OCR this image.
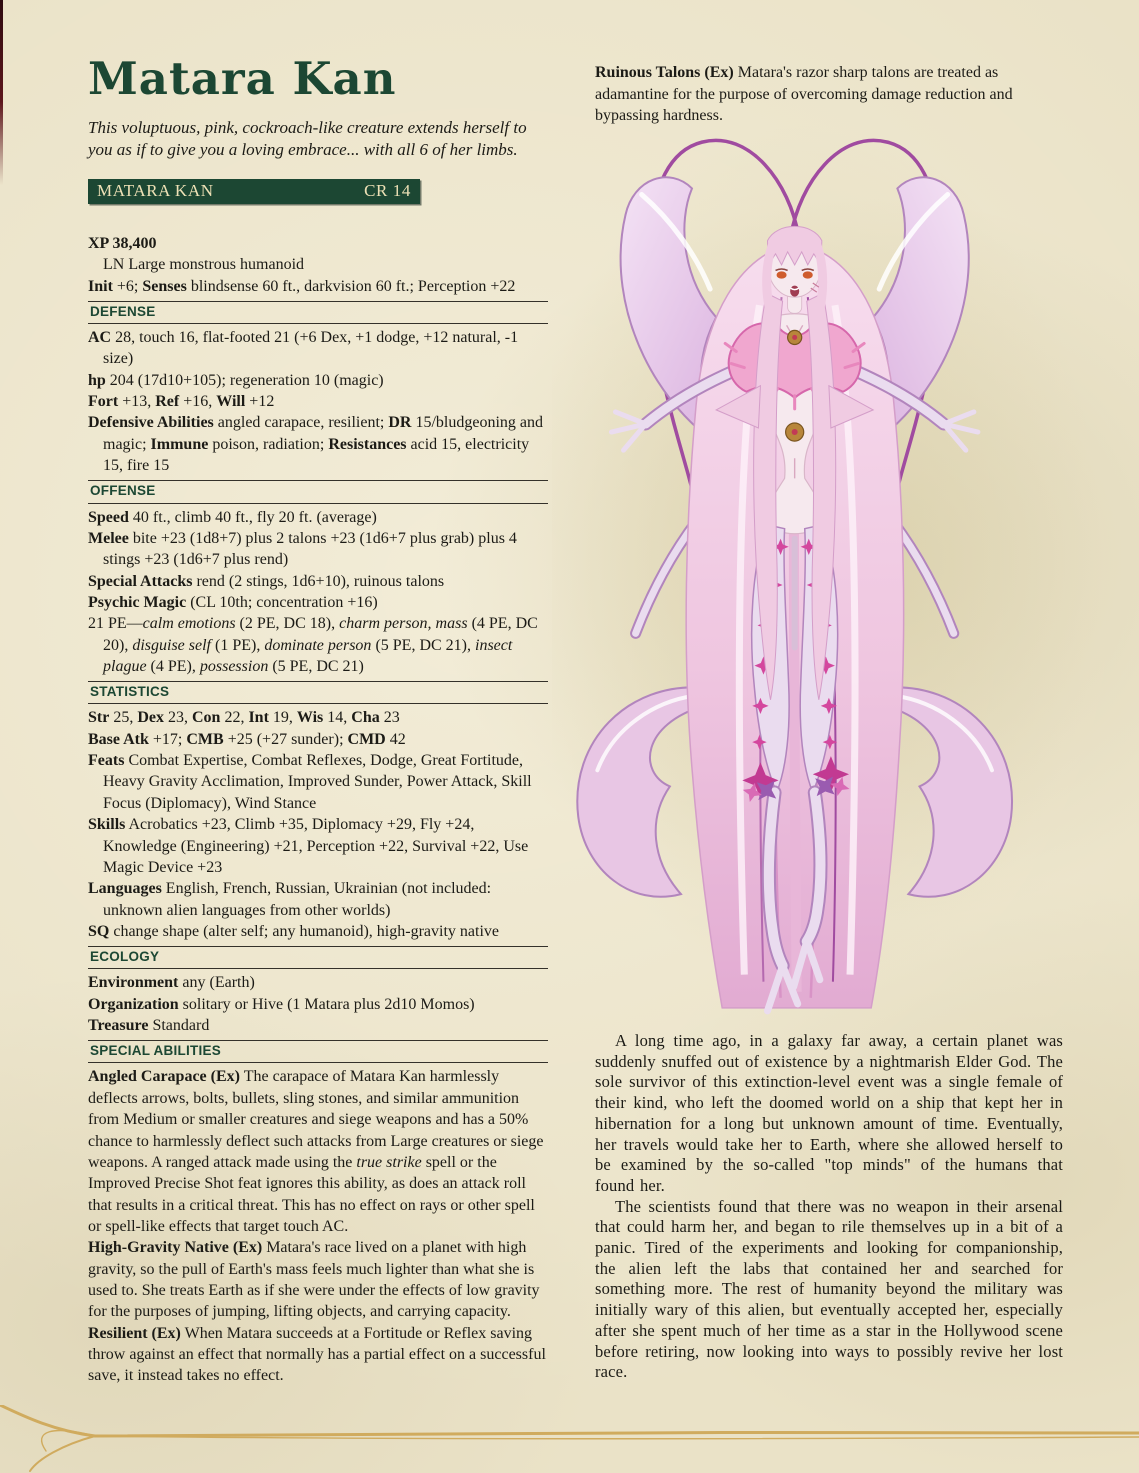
Matara Kan

This voluptuous, pink, cockroach-like creature extends herself to you as if to give you a loving embrace... with all 6 of her limbs.

MATARA KAN	CR 14

XP 38,400

LN Large monstrous humanoid

Init +6; Senses blindsense 60 ft., darkvision 60 ft.; Perception +22

DEFENSE

AC 28, touch 16, flat-footed 21 (+6 Dex, +1 dodge, +12 natural, -1 size)

hp 204 (17d10+105); regeneration 10 (magic)

Fort +13, Ref +16, Will +12

Defensive Abilities angled carapace, resilient; DR 15/bludgeoning and magic; Immune poison, radiation; Resistances acid 15, electricity 15, fire 15

OFFENSE

Speed 40 ft., climb 40 ft., fly 20 ft. (average)

Melee bite +23 (1d8+7) plus 2 talons +23 (1d6+7 plus grab) plus 4 stings +23 (1d6+7 plus rend)

Special Attacks rend (2 stings, 1d6+10), ruinous talons

Psychic Magic (CL 10th; concentration +16)

21 PE—calm emotions (2 PE, DC 18), charm person, mass (4 PE, DC 20), disguise self (1 PE), dominate person (5 PE, DC 21), insect plague (4 PE), possession (5 PE, DC 21)

STATISTICS

Str 25, Dex 23, Con 22, Int 19, Wis 14, Cha 23

Base Atk +17; CMB +25 (+27 sunder); CMD 42

Feats Combat Expertise, Combat Reflexes, Dodge, Great Fortitude, Heavy Gravity Acclimation, Improved Sunder, Power Attack, Skill Focus (Diplomacy), Wind Stance

Skills Acrobatics +23, Climb +35, Diplomacy +29, Fly +24, Knowledge (Engineering) +21, Perception +22, Survival +22, Use Magic Device +23

Languages English, French, Russian, Ukrainian (not included: unknown alien languages from other worlds)

SQ change shape (alter self; any humanoid), high-gravity native

ECOLOGY

Environment any (Earth)

Organization solitary or Hive (1 Matara plus 2d10 Momos)

Treasure Standard

SPECIAL ABILITIES

Angled Carapace (Ex) The carapace of Matara Kan harmlessly deflects arrows, bolts, bullets, sling stones, and similar ammunition from Medium or smaller creatures and siege weapons and has a 50% chance to harmlessly deflect such attacks from Large creatures or siege weapons. A ranged attack made using the true strike spell or the Improved Precise Shot feat ignores this ability, as does an attack roll that results in a critical threat. This has no effect on rays or other spell or spell-like effects that target touch AC.

High-Gravity Native (Ex) Matara's race lived on a planet with high gravity, so the pull of Earth's mass feels much lighter than what she is used to. She treats Earth as if she were under the effects of low gravity for the purposes of jumping, lifting objects, and carrying capacity.

Resilient (Ex) When Matara succeeds at a Fortitude or Reflex saving throw against an effect that normally has a partial effect on a successful save, it instead takes no effect.

Ruinous Talons (Ex) Matara's razor sharp talons are treated as adamantine for the purpose of overcoming damage reduction and bypassing hardness.

A long time ago, in a galaxy far away, a certain planet was suddenly snuffed out of existence by a nightmarish Elder God. The sole survivor of this extinction-level event was a single female of their kind, who left the doomed world on a ship that kept her in hibernation for a long but unknown amount of time. Eventually, her travels would take her to Earth, where she allowed herself to be examined by the so-called "top minds" of the humans that found her.

The scientists found that there was no weapon in their arsenal that could harm her, and began to rile themselves up in a bit of a panic. Tired of the experiments and looking for companionship, the alien left the labs that contained her and searched for something more. The rest of humanity beyond the military was initially wary of this alien, but eventually accepted her, especially after she spent much of her time as a star in the Hollywood scene before retiring, now looking into ways to possibly revive her lost race.
